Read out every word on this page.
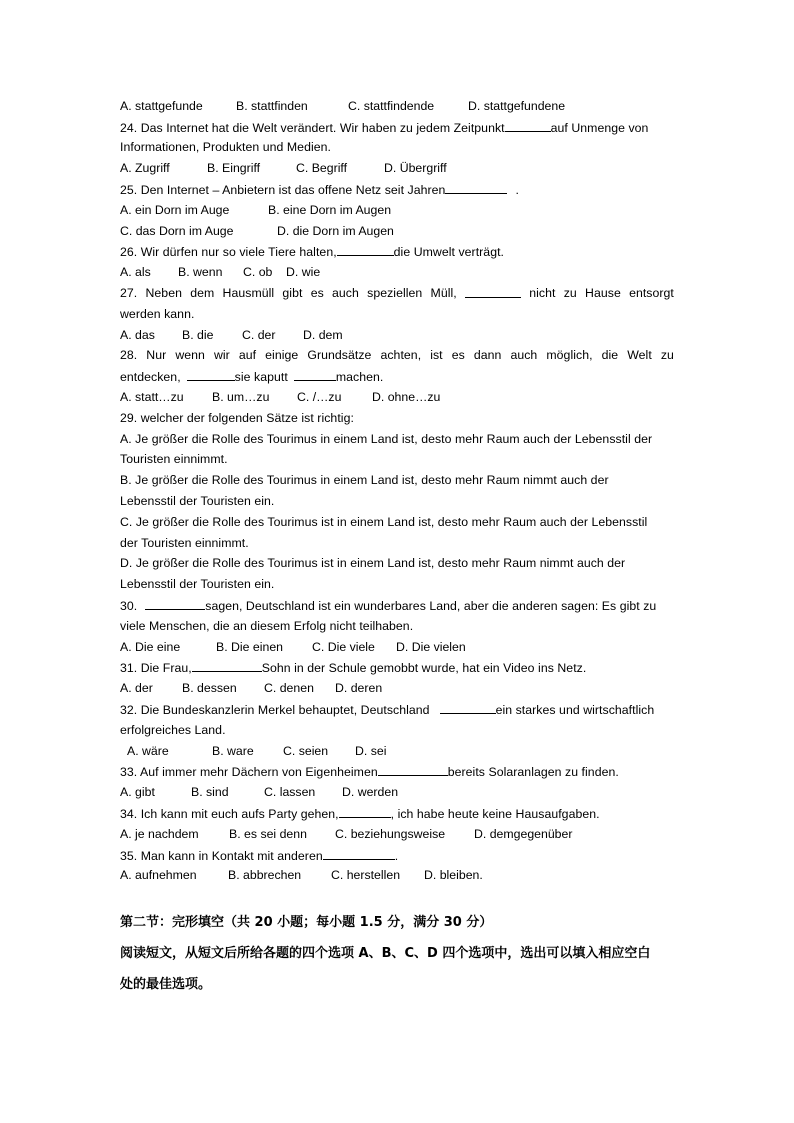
A. stattgefunde	B. stattfinden	C. stattfindende	D. stattgefundene
24. Das Internet hat die Welt verändert. Wir haben zu jedem Zeitpunkt	auf Unmenge von
Informationen, Produkten und Medien.
A. Zugriff	B. Eingriff	C. Begriff	D. Übergriff
25. Den Internet – Anbietern ist das offene Netz seit Jahren	.
A. ein Dorn im Auge	B. eine Dorn im Augen
C. das Dorn im Auge	D. die Dorn im Augen
26. Wir dürfen nur so viele Tiere halten,	die Umwelt verträgt.
A. als B. wenn C. ob D. wie
27. Neben dem Hausmüll gibt es auch speziellen Müll,	nicht zu Hause entsorgt
werden kann.
A. das B. die C. der D. dem
28. Nur wenn wir auf einige Grundsätze achten, ist es dann auch möglich, die Welt zu
entdecken,	sie kaputt	machen.
A. statt…zu B. um…zu C. /…zu D. ohne…zu
29. welcher der folgenden Sätze ist richtig:
A. Je größer die Rolle des Tourimus in einem Land ist, desto mehr Raum auch der Lebensstil der
Touristen einnimmt.
B. Je größer die Rolle des Tourimus in einem Land ist, desto mehr Raum nimmt auch der
Lebensstil der Touristen ein.
C. Je größer die Rolle des Tourimus ist in einem Land ist, desto mehr Raum auch der Lebensstil
der Touristen einnimmt.
D. Je größer die Rolle des Tourimus ist in einem Land ist, desto mehr Raum nimmt auch der
Lebensstil der Touristen ein.
30.	sagen, Deutschland ist ein wunderbares Land, aber die anderen sagen: Es gibt zu
viele Menschen, die an diesem Erfolg nicht teilhaben.
A. Die eine	B. Die einen C. Die viele D. Die vielen
31. Die Frau,	Sohn in der Schule gemobbt wurde, hat ein Video ins Netz.
A. der B. dessen C. denen D. deren
32. Die Bundeskanzlerin Merkel behauptet, Deutschland	ein starkes und wirtschaftlich
erfolgreiches Land.
A. wäre	B. ware C. seien D. sei
33. Auf immer mehr Dächern von Eigenheimen	bereits Solaranlagen zu finden.
A. gibt	B. sind	C. lassen D. werden
34. Ich kann mit euch aufs Party gehen,	, ich habe heute keine Hausaufgaben.
A. je nachdem B. es sei denn C. beziehungsweise D. demgegenüber
35. Man kann in Kontakt mit anderen	.
A. aufnehmen	B. abbrechen C. herstellen D. bleiben.
第二节：完形填空（共 20 小题；每小题 1.5 分，满分 30 分）
阅读短文，从短文后所给各题的四个选项 A、B、C、D 四个选项中，选出可以填入相应空白
处的最佳选项。
